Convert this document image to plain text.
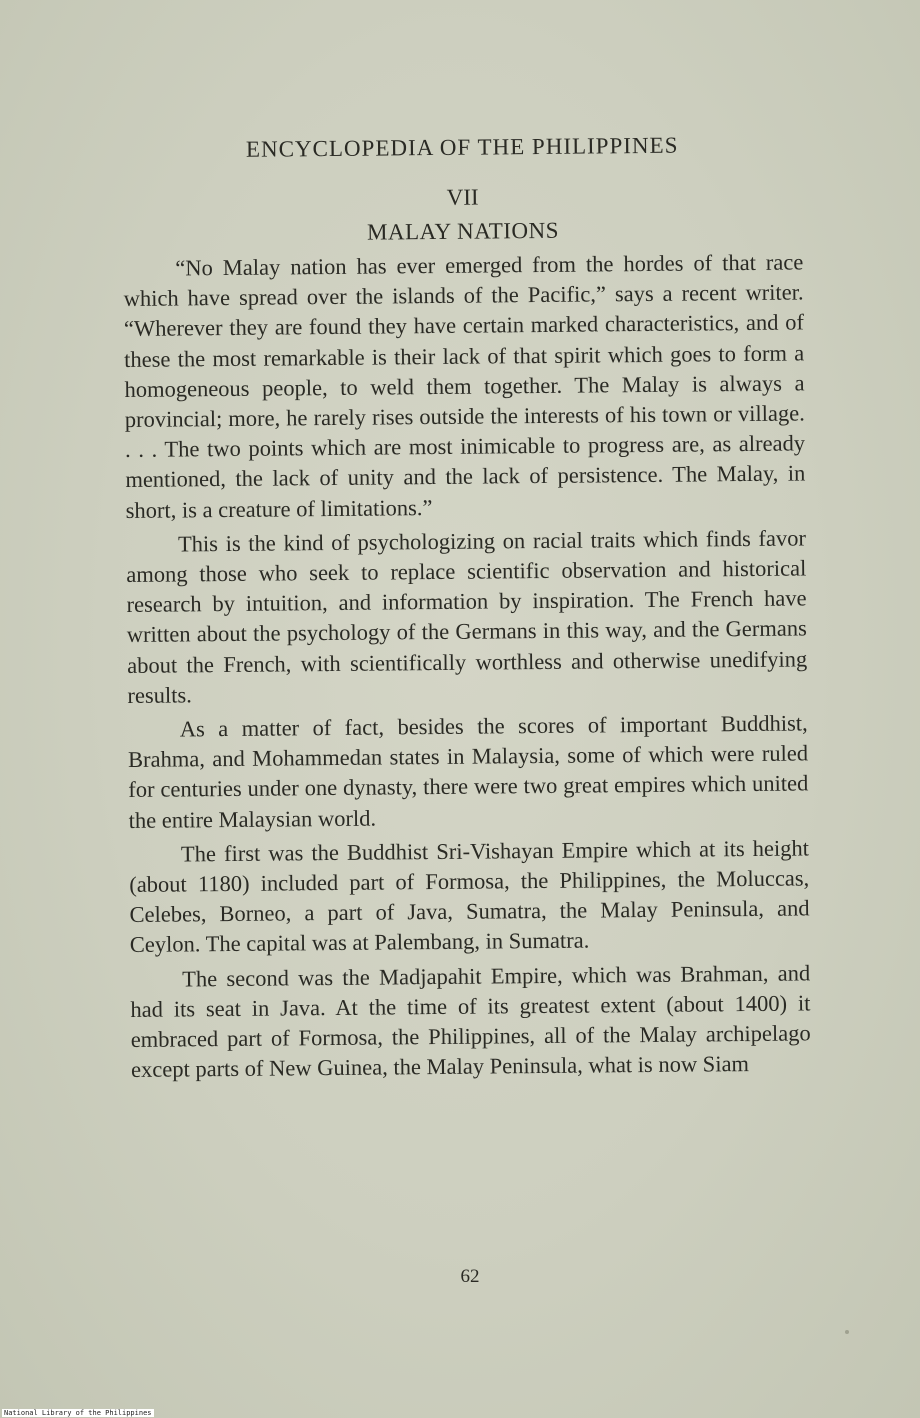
ENCYCLOPEDIA OF THE PHILIPPINES
VII
MALAY NATIONS

“No Malay nation has ever emerged from the hordes of that race which have spread over the islands of the Pacific,” says a recent writer. “Wherever they are found they have certain marked characteristics, and of these the most remarkable is their lack of that spirit which goes to form a homogeneous people, to weld them together. The Malay is always a provincial; more, he rarely rises outside the interests of his town or village. . . . The two points which are most inimicable to progress are, as already mentioned, the lack of unity and the lack of persistence. The Malay, in short, is a creature of limitations.”

This is the kind of psychologizing on racial traits which finds favor among those who seek to replace scientific observation and historical research by intuition, and information by inspiration. The French have written about the psychology of the Germans in this way, and the Germans about the French, with scientifically worthless and otherwise unedifying results.

As a matter of fact, besides the scores of important Buddhist, Brahma, and Mohammedan states in Malaysia, some of which were ruled for centuries under one dynasty, there were two great empires which united the entire Malaysian world.

The first was the Buddhist Sri-Vishayan Empire which at its height (about 1180) included part of Formosa, the Philippines, the Moluccas, Celebes, Borneo, a part of Java, Sumatra, the Malay Peninsula, and Ceylon. The capital was at Palembang, in Sumatra.

The second was the Madjapahit Empire, which was Brahman, and had its seat in Java. At the time of its greatest extent (about 1400) it embraced part of Formosa, the Philippines, all of the Malay archipelago except parts of New Guinea, the Malay Peninsula, what is now Siam

62
National Library of the Philippines
